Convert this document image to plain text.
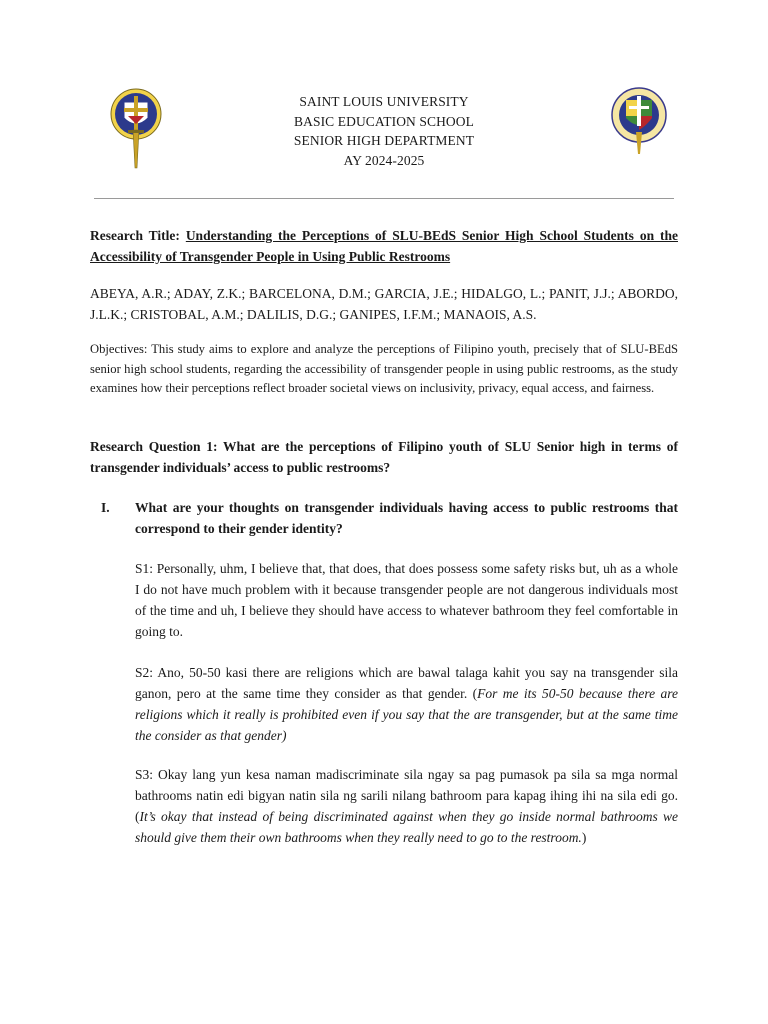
SAINT LOUIS UNIVERSITY
BASIC EDUCATION SCHOOL
SENIOR HIGH DEPARTMENT
AY 2024-2025
Research Title: Understanding the Perceptions of SLU-BEdS Senior High School Students on the Accessibility of Transgender People in Using Public Restrooms
ABEYA, A.R.; ADAY, Z.K.; BARCELONA, D.M.; GARCIA, J.E.; HIDALGO, L.; PANIT, J.J.; ABORDO, J.L.K.; CRISTOBAL, A.M.; DALILIS, D.G.; GANIPES, I.F.M.; MANAOIS, A.S.
Objectives: This study aims to explore and analyze the perceptions of Filipino youth, precisely that of SLU-BEdS senior high school students, regarding the accessibility of transgender people in using public restrooms, as the study examines how their perceptions reflect broader societal views on inclusivity, privacy, equal access, and fairness.
Research Question 1: What are the perceptions of Filipino youth of SLU Senior high in terms of transgender individuals’ access to public restrooms?
I. What are your thoughts on transgender individuals having access to public restrooms that correspond to their gender identity?
S1: Personally, uhm, I believe that, that does, that does possess some safety risks but, uh as a whole I do not have much problem with it because transgender people are not dangerous individuals most of the time and uh, I believe they should have access to whatever bathroom they feel comfortable in going to.
S2: Ano, 50-50 kasi there are religions which are bawal talaga kahit you say na transgender sila ganon, pero at the same time they consider as that gender. (For me its 50-50 because there are religions which it really is prohibited even if you say that the are transgender, but at the same time the consider as that gender)
S3: Okay lang yun kesa naman madiscriminate sila ngay sa pag pumasok pa sila sa mga normal bathrooms natin edi bigyan natin sila ng sarili nilang bathroom para kapag ihing ihi na sila edi go. (It’s okay that instead of being discriminated against when they go inside normal bathrooms we should give them their own bathrooms when they really need to go to the restroom.)
